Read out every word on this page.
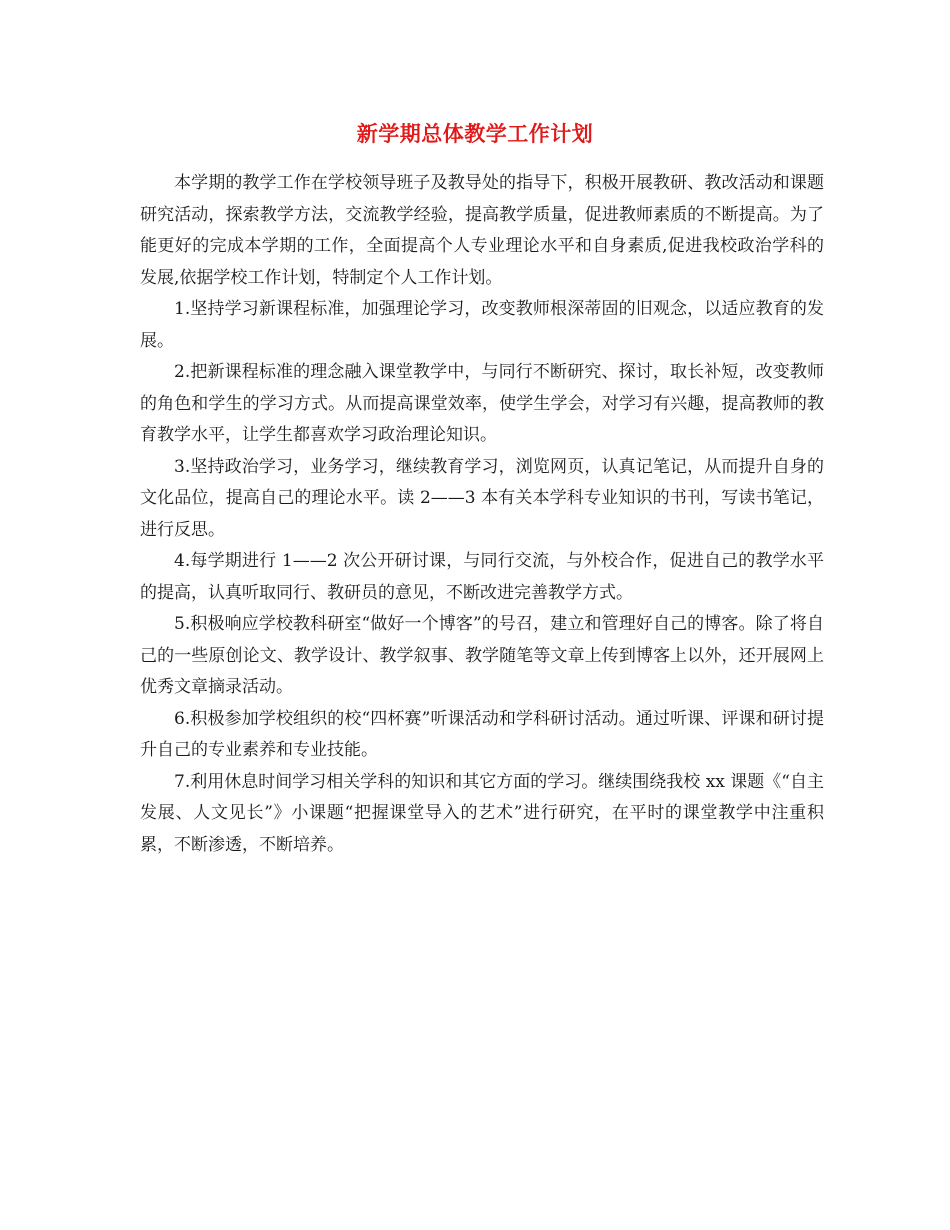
新学期总体教学工作计划

本学期的教学工作在学校领导班子及教导处的指导下，积极开展教研、教改活动和课题研究活动，探索教学方法，交流教学经验，提高教学质量，促进教师素质的不断提高。为了能更好的完成本学期的工作，全面提高个人专业理论水平和自身素质,促进我校政治学科的发展,依据学校工作计划，特制定个人工作计划。

1.坚持学习新课程标准，加强理论学习，改变教师根深蒂固的旧观念，以适应教育的发展。

2.把新课程标准的理念融入课堂教学中，与同行不断研究、探讨，取长补短，改变教师的角色和学生的学习方式。从而提高课堂效率，使学生学会，对学习有兴趣，提高教师的教育教学水平，让学生都喜欢学习政治理论知识。

3.坚持政治学习，业务学习，继续教育学习，浏览网页，认真记笔记，从而提升自身的文化品位，提高自己的理论水平。读 2——3 本有关本学科专业知识的书刊，写读书笔记，进行反思。

4.每学期进行 1——2 次公开研讨课，与同行交流，与外校合作，促进自己的教学水平的提高，认真听取同行、教研员的意见，不断改进完善教学方式。

5.积极响应学校教科研室“做好一个博客”的号召，建立和管理好自己的博客。除了将自己的一些原创论文、教学设计、教学叙事、教学随笔等文章上传到博客上以外，还开展网上优秀文章摘录活动。

6.积极参加学校组织的校“四杯赛”听课活动和学科研讨活动。通过听课、评课和研讨提升自己的专业素养和专业技能。

7.利用休息时间学习相关学科的知识和其它方面的学习。继续围绕我校 xx 课题《“自主发展、人文见长”》小课题“把握课堂导入的艺术”进行研究，在平时的课堂教学中注重积累，不断渗透，不断培养。
